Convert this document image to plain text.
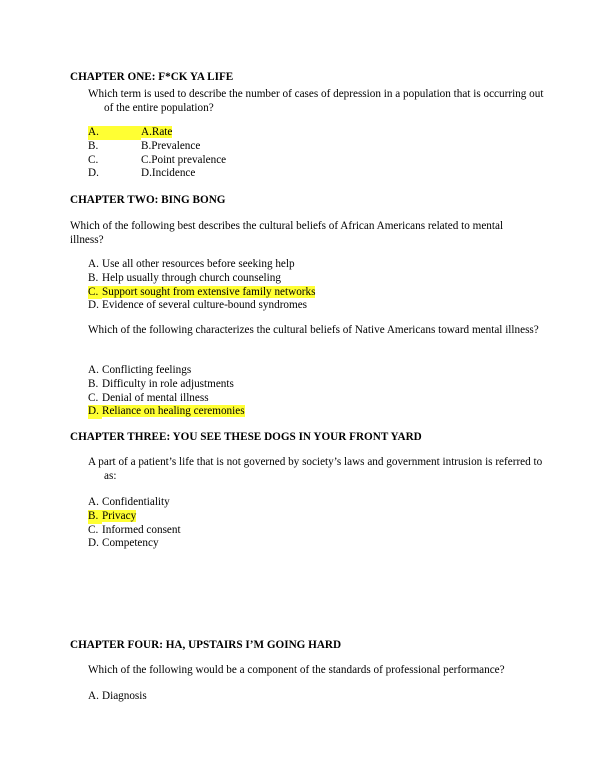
CHAPTER ONE: F*CK YA LIFE
Which term is used to describe the number of cases of depression in a population that is occurring out of the entire population?
A.	A.Rate
B.	B.Prevalence
C.	C.Point prevalence
D.	D.Incidence
CHAPTER TWO: BING BONG
Which of the following best describes the cultural beliefs of African Americans related to mental illness?
A. Use all other resources before seeking help
B. Help usually through church counseling
C. Support sought from extensive family networks
D. Evidence of several culture-bound syndromes
Which of the following characterizes the cultural beliefs of Native Americans toward mental illness?
A. Conflicting feelings
B. Difficulty in role adjustments
C. Denial of mental illness
D. Reliance on healing ceremonies
CHAPTER THREE: YOU SEE THESE DOGS IN YOUR FRONT YARD
A part of a patient’s life that is not governed by society’s laws and government intrusion is referred to as:
A. Confidentiality
B. Privacy
C. Informed consent
D. Competency
CHAPTER FOUR: HA, UPSTAIRS I’M GOING HARD
Which of the following would be a component of the standards of professional performance?
A. Diagnosis
